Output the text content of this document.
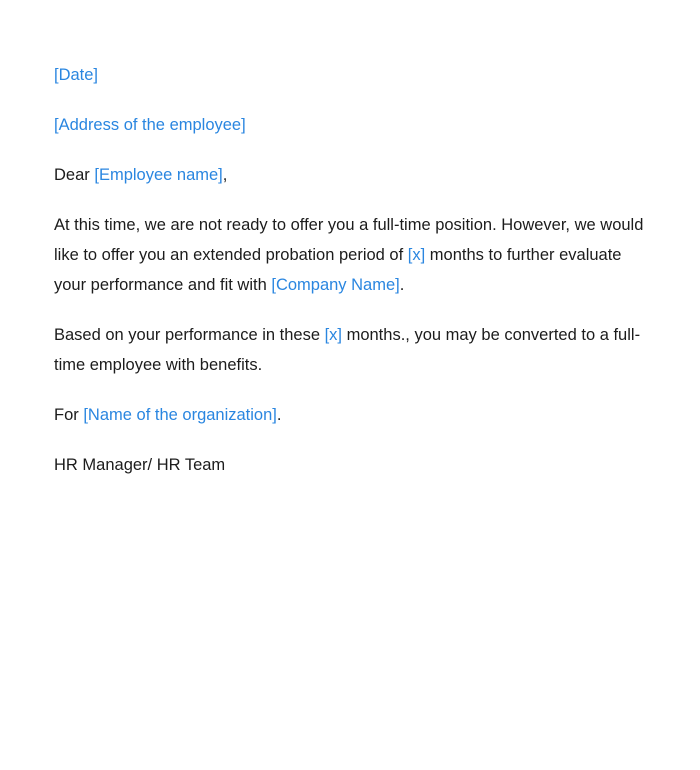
[Date]

[Address of the employee]

Dear [Employee name],

At this time, we are not ready to offer you a full-time position. However, we would like to offer you an extended probation period of [x] months to further evaluate your performance and fit with [Company Name].

Based on your performance in these [x] months., you may be converted to a full-time employee with benefits.

For [Name of the organization].

HR Manager/ HR Team
